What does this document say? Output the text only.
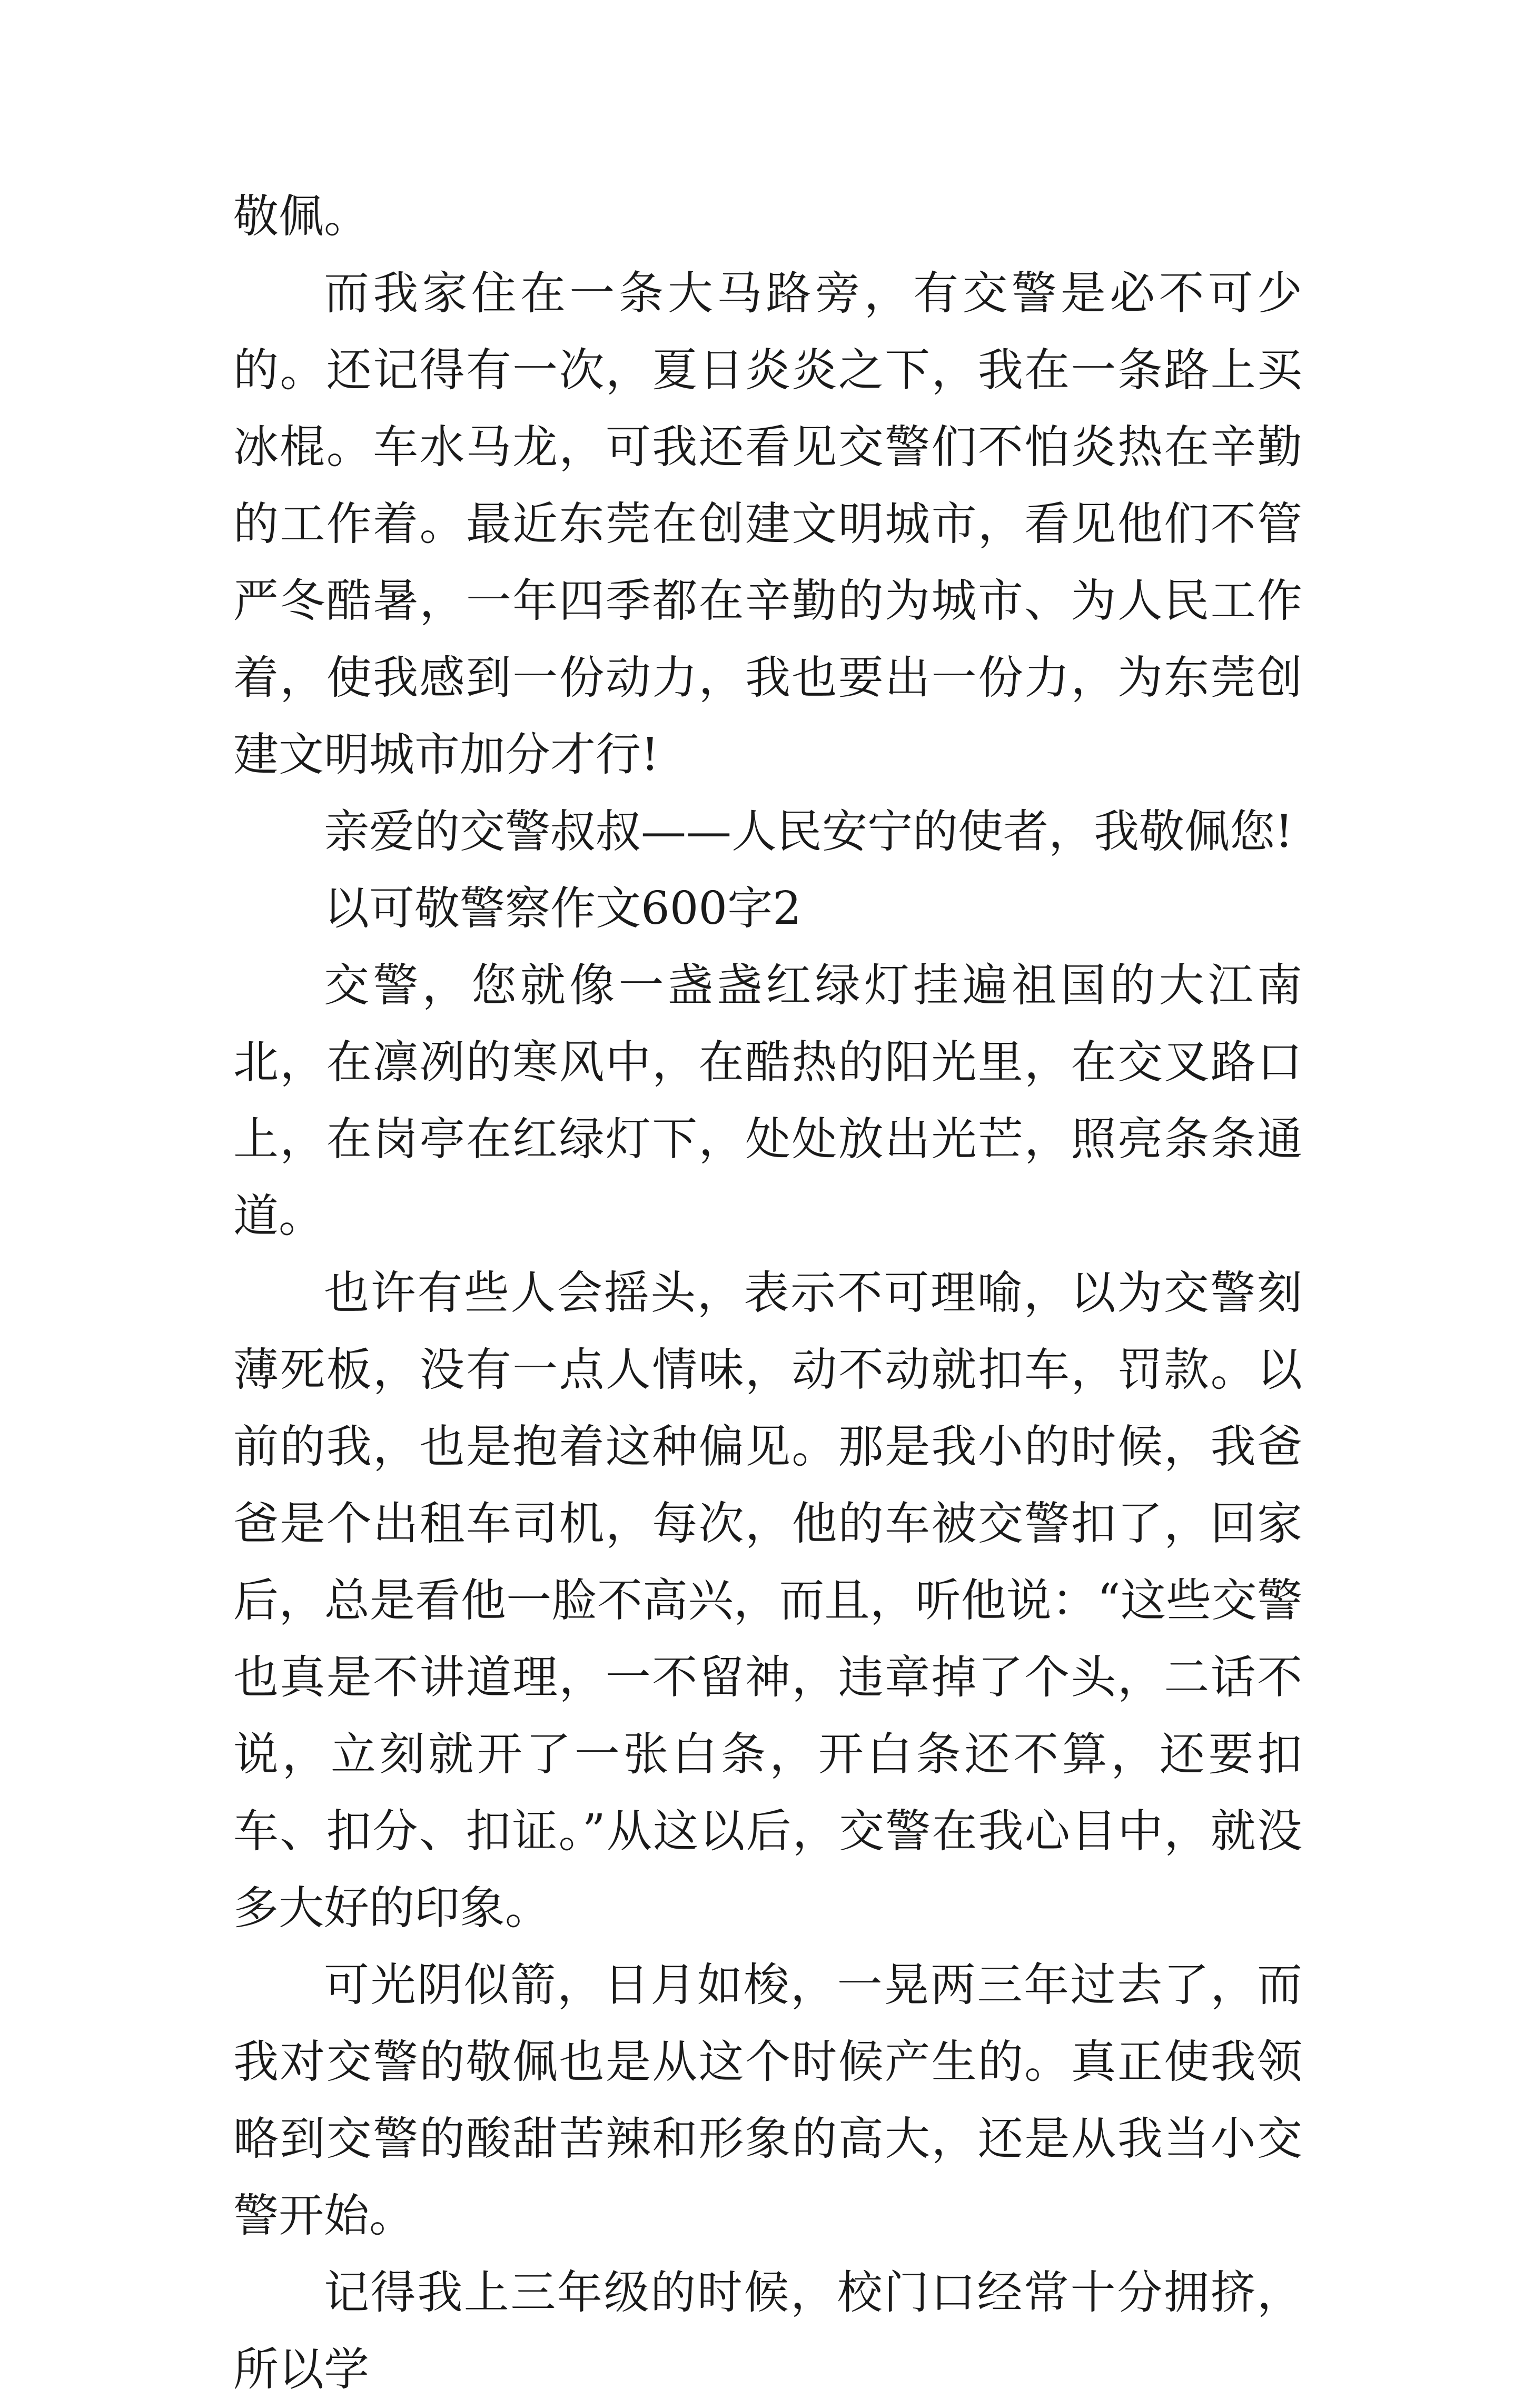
敬佩。

而我家住在一条大马路旁，有交警是必不可少的。还记得有一次，夏日炎炎之下，我在一条路上买冰棍。车水马龙，可我还看见交警们不怕炎热在辛勤的工作着。最近东莞在创建文明城市，看见他们不管严冬酷暑，一年四季都在辛勤的为城市、为人民工作着，使我感到一份动力，我也要出一份力，为东莞创建文明城市加分才行!

亲爱的交警叔叔——人民安宁的使者，我敬佩您!

以可敬警察作文600字2

交警，您就像一盏盏红绿灯挂遍祖国的大江南北，在凛冽的寒风中，在酷热的阳光里，在交叉路口上，在岗亭在红绿灯下，处处放出光芒，照亮条条通道。

也许有些人会摇头，表示不可理喻，以为交警刻薄死板，没有一点人情味，动不动就扣车，罚款。以前的我，也是抱着这种偏见。那是我小的时候，我爸爸是个出租车司机，每次，他的车被交警扣了，回家后，总是看他一脸不高兴，而且，听他说：“这些交警也真是不讲道理，一不留神，违章掉了个头，二话不说，立刻就开了一张白条，开白条还不算，还要扣车、扣分、扣证。”从这以后，交警在我心目中，就没多大好的印象。

可光阴似箭，日月如梭，一晃两三年过去了，而我对交警的敬佩也是从这个时候产生的。真正使我领略到交警的酸甜苦辣和形象的高大，还是从我当小交警开始。

记得我上三年级的时候，校门口经常十分拥挤，所以学
